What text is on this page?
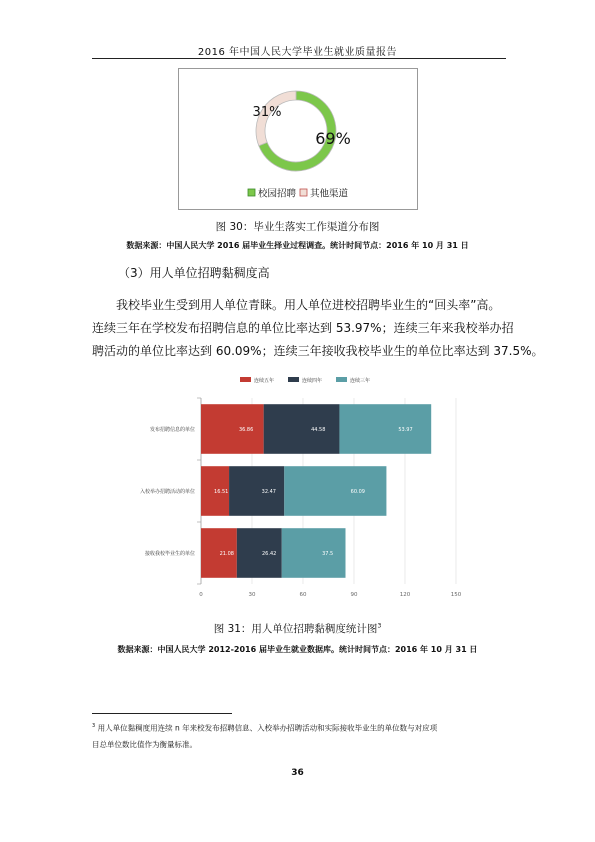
2016 年中国人民大学毕业生就业质量报告
69%
31%
校园招聘 其他渠道
图 30：毕业生落实工作渠道分布图
数据来源：中国人民大学 2016 届毕业生择业过程调查。统计时间节点：2016 年 10 月 31 日
（3）用人单位招聘黏稠度高
　　我校毕业生受到用人单位青睐。用人单位进校招聘毕业生的“回头率”高。
连续三年在学校发布招聘信息的单位比率达到 53.97%；连续三年来我校举办招
聘活动的单位比率达到 60.09%；连续三年接收我校毕业生的单位比率达到 37.5%。
0	30	60	90	120	150
连续五年	连续四年	连续三年
发布招聘信息的单位	36.86	44.58	53.97
入校举办招聘活动的单位	16.51	32.47	60.09
接收我校毕业生的单位	21.08	26.42	37.5
图 31：用人单位招聘黏稠度统计图$^3$
数据来源：中国人民大学 2012-2016 届毕业生就业数据库。统计时间节点：2016 年 10 月 31 日
$^3$ 用人单位黏稠度用连续 n 年来校发布招聘信息、入校举办招聘活动和实际接收毕业生的单位数与对应项
目总单位数比值作为衡量标准。
36
